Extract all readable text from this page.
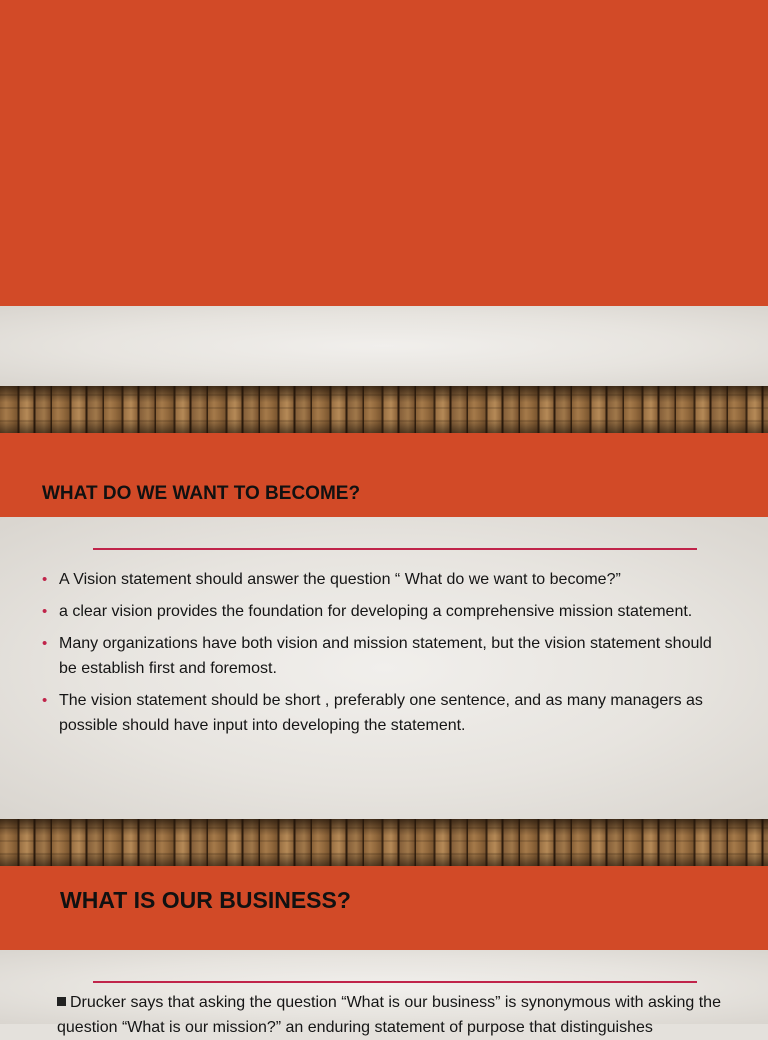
WHAT DO WE WANT TO BECOME?
• A Vision statement should answer the question “ What do we want to become?”
• a clear vision provides the foundation for developing a comprehensive mission statement.
• Many organizations have both vision and mission statement, but the vision statement should be establish first and foremost.
• The vision statement should be short , preferably one sentence, and as many managers as possible should have input into developing the statement.
WHAT IS OUR BUSINESS?

Drucker says that asking the question “What is our business” is synonymous with asking the question “What is our mission?” an enduring statement of purpose that distinguishes
